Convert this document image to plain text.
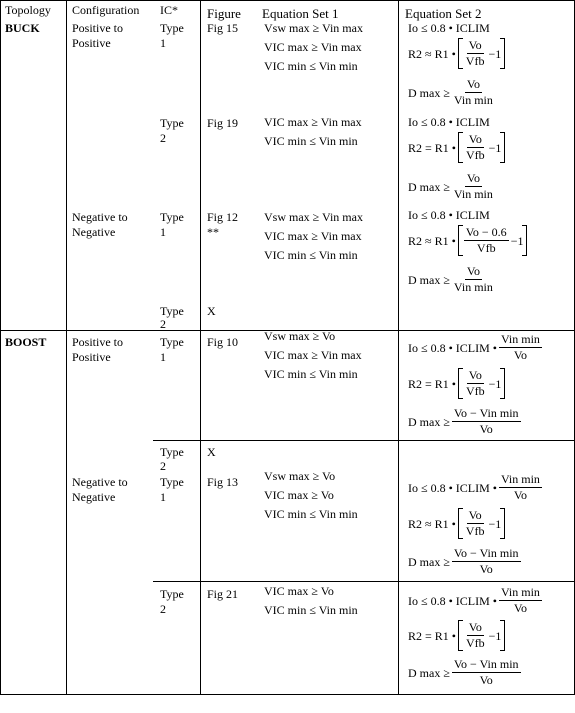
Topology Configuration IC* Figure Equation Set 1	Equation Set 2
BUCK	Positive to
Positive
Type
1
Fig 15 Vsw max ≥ Vin max
VIC max ≥ Vin max
VIC min ≤ Vin min
Io ≤ 0.8 • ICLIM
R2 ≈ R1 • $\frac{Vo}{\text{Vfb}} -1$
D $\max \ge \frac{Vo}{\text{Vin min}}$
Type
2
Fig 19 VIC max ≥ Vin max
VIC min ≤ Vin min
Io ≤ 0.8 • ICLIM
R2 = R1 • $\frac{Vo}{\text{Vfb}} -1$
D $\max \ge \frac{Vo}{\text{Vin min}}$
Negative to
Negative
Type
1
Fig 12
**
Vsw max ≥ Vin max
VIC max ≥ Vin max
VIC min ≤ Vin min
Io ≤ 0.8 • ICLIM
R2 ≈ R1 • $\frac{Vo - 0.6}{\text{Vfb}} -1$
D $\max \ge \frac{Vo}{\text{Vin min}}$
Type
2
X
BOOST Positive to
Positive
Type
1
Fig 10 Vsw max ≥ Vo
VIC max ≥ Vin max
VIC min ≤ Vin min
Io ≤ 0.8 • ICLIM • $\frac{\text{Vin min}}{Vo}$
R2 = R1 • $\frac{Vo}{\text{Vfb}} -1$
D $\max \ge \frac{\text{Vo − Vin min}}{Vo}$
Type
2
X
Negative to
Negative
Type
1
Fig 13 Vsw max ≥ Vo
VIC max ≥ Vo
VIC min ≤ Vin min
Io ≤ 0.8 • ICLIM • $\frac{\text{Vin min}}{Vo}$
R2 ≈ R1 • $\frac{Vo}{\text{Vfb}} -1$
D $\max \ge \frac{\text{Vo − Vin min}}{Vo}$
Type
2
Fig 21 VIC max ≥ Vo
VIC min ≤ Vin min
Io ≤ 0.8 • ICLIM • $\frac{\text{Vin min}}{Vo}$
R2 = R1 • $\frac{Vo}{\text{Vfb}} -1$
D $\max \ge \frac{\text{Vo − Vin min}}{Vo}$
